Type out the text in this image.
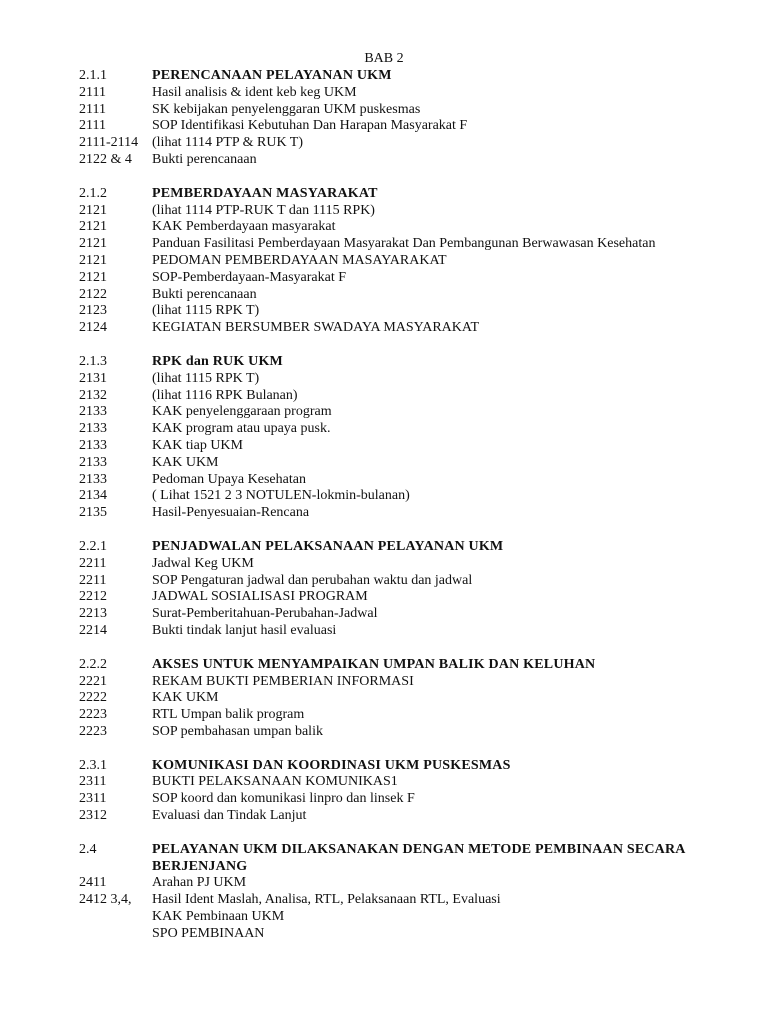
BAB 2
2.1.1	PERENCANAAN PELAYANAN UKM
2111	Hasil analisis & ident keb keg UKM
2111	SK kebijakan penyelenggaran UKM puskesmas
2111	SOP Identifikasi Kebutuhan Dan Harapan Masyarakat F
2111-2114 (lihat 1114 PTP & RUK T)
2122 & 4	Bukti perencanaan
2.1.2	PEMBERDAYAAN MASYARAKAT
2121	(lihat 1114 PTP-RUK T dan 1115 RPK)
2121	KAK Pemberdayaan masyarakat
2121	Panduan Fasilitasi Pemberdayaan Masyarakat Dan Pembangunan Berwawasan Kesehatan
2121	PEDOMAN PEMBERDAYAAN MASAYARAKAT
2121	SOP-Pemberdayaan-Masyarakat F
2122	Bukti perencanaan
2123	(lihat 1115 RPK T)
2124	KEGIATAN BERSUMBER SWADAYA MASYARAKAT
2.1.3	RPK dan RUK UKM
2131	(lihat 1115 RPK T)
2132	(lihat 1116 RPK Bulanan)
2133	KAK penyelenggaraan program
2133	KAK program atau upaya pusk.
2133	KAK tiap UKM
2133	KAK UKM
2133	Pedoman Upaya Kesehatan
2134	( Lihat 1521 2 3 NOTULEN-lokmin-bulanan)
2135	Hasil-Penyesuaian-Rencana
2.2.1	PENJADWALAN PELAKSANAAN PELAYANAN UKM
2211	Jadwal Keg UKM
2211	SOP Pengaturan jadwal dan perubahan waktu dan jadwal
2212	JADWAL SOSIALISASI PROGRAM
2213	Surat-Pemberitahuan-Perubahan-Jadwal
2214	Bukti tindak lanjut hasil evaluasi
2.2.2	AKSES UNTUK MENYAMPAIKAN UMPAN BALIK DAN KELUHAN
2221	REKAM BUKTI PEMBERIAN INFORMASI
2222	KAK UKM
2223	RTL Umpan balik program
2223	SOP pembahasan umpan balik
2.3.1	KOMUNIKASI DAN KOORDINASI UKM PUSKESMAS
2311	BUKTI PELAKSANAAN KOMUNIKAS1
2311	SOP koord dan komunikasi linpro dan linsek F
2312	Evaluasi dan Tindak Lanjut
2.4	PELAYANAN UKM DILAKSANAKAN DENGAN METODE PEMBINAAN SECARA BERJENJANG
2411	Arahan PJ UKM
2412 3,4,	Hasil Ident Maslah, Analisa, RTL, Pelaksanaan RTL, Evaluasi
KAK Pembinaan UKM
SPO PEMBINAAN
